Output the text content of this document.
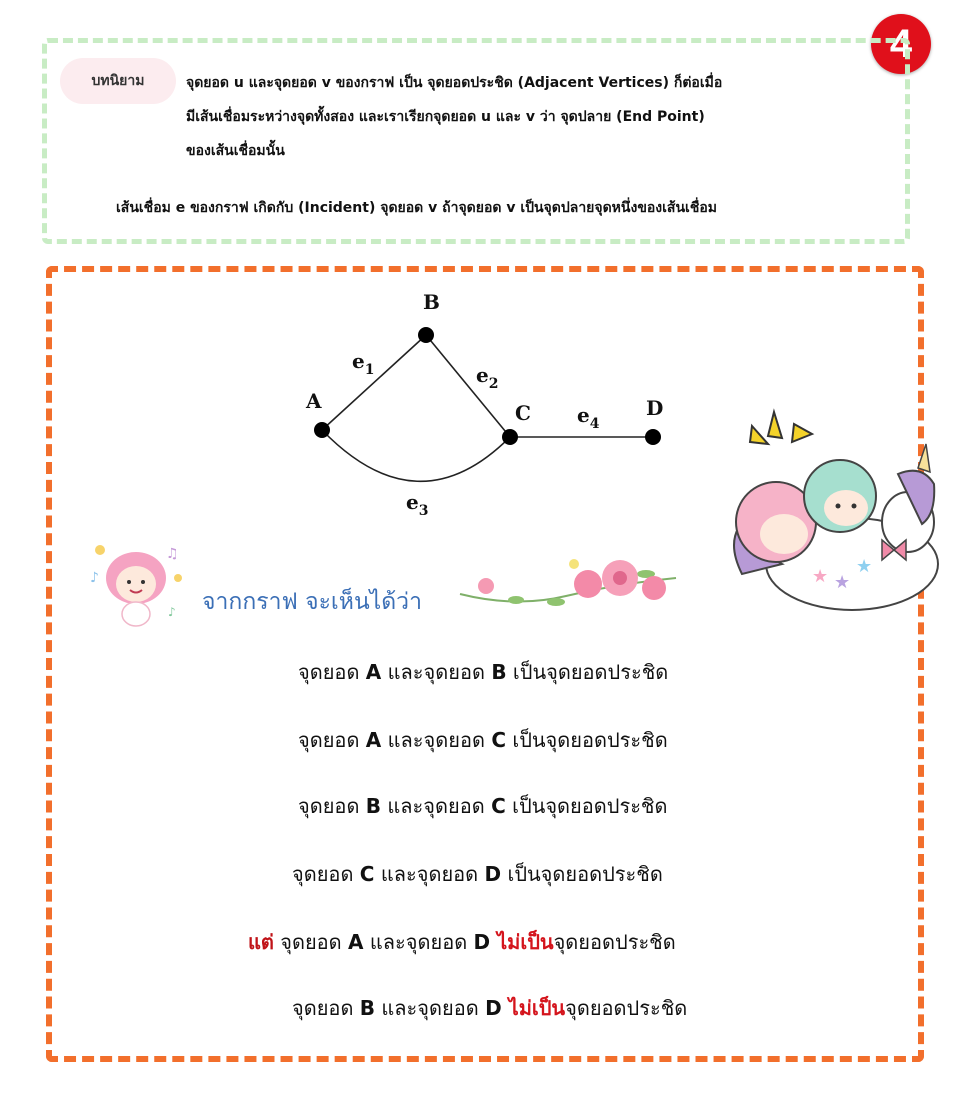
4
บทนิยาม	จุดยอด u และจุดยอด v ของกราฟ เป็น จุดยอดประชิด (Adjacent Vertices) ก็ต่อเมื่อ
มีเส้นเชื่อมระหว่างจุดทั้งสอง และเราเรียกจุดยอด u และ v ว่า จุดปลาย (End Point)
ของเส้นเชื่อมนั้น
เส้นเชื่อม e ของกราฟ เกิดกับ (Incident) จุดยอด v ถ้าจุดยอด v เป็นจุดปลายจุดหนึ่งของเส้นเชื่อม
A
B
C	D
$e_1$	$e_2$
$e_3$
$e_4$
♪
♫
♪ จากกราฟ จะเห็นได้ว่า
★ ★
★
จุดยอด A และจุดยอด B เป็นจุดยอดประชิด
จุดยอด A และจุดยอด C เป็นจุดยอดประชิด
จุดยอด B และจุดยอด C เป็นจุดยอดประชิด
จุดยอด C และจุดยอด D เป็นจุดยอดประชิด
แต่ จุดยอด A และจุดยอด D ไม่เป็นจุดยอดประชิด
จุดยอด B และจุดยอด D ไม่เป็นจุดยอดประชิด
